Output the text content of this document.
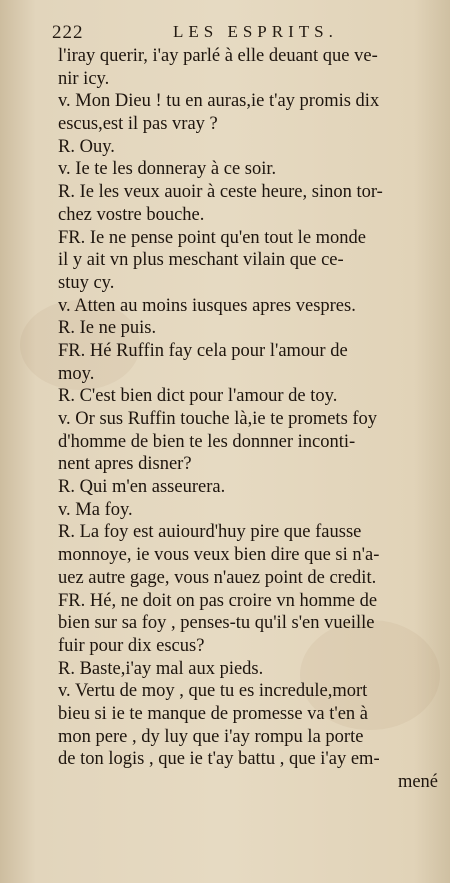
222	LES ESPRITS.
l'iray querir, i'ay parlé à elle deuant que ve-
nir icy.
v. Mon Dieu ! tu en auras,ie t'ay promis dix
escus,est il pas vray ?
R. Ouy.
v. Ie te les donneray à ce soir.
R. Ie les veux auoir à ceste heure, sinon tor-
chez vostre bouche.
FR. Ie ne pense point qu'en tout le monde
il y ait vn plus meschant vilain que ce-
stuy cy.
v. Atten au moins iusques apres vespres.
R. Ie ne puis.
FR. Hé Ruffin fay cela pour l'amour de
moy.
R. C'est bien dict pour l'amour de toy.
v. Or sus Ruffin touche là,ie te promets foy
d'homme de bien te les donnner inconti-
nent apres disner?
R. Qui m'en asseurera.
v. Ma foy.
R. La foy est auiourd'huy pire que fausse
monnoye, ie vous veux bien dire que si n'a-
uez autre gage, vous n'auez point de credit.
FR. Hé, ne doit on pas croire vn homme de
bien sur sa foy , penses-tu qu'il s'en vueille
fuir pour dix escus?
R. Baste,i'ay mal aux pieds.
v. Vertu de moy , que tu es incredule,mort
bieu si ie te manque de promesse va t'en à
mon pere , dy luy que i'ay rompu la porte
de ton logis , que ie t'ay battu , que i'ay em-
mené
